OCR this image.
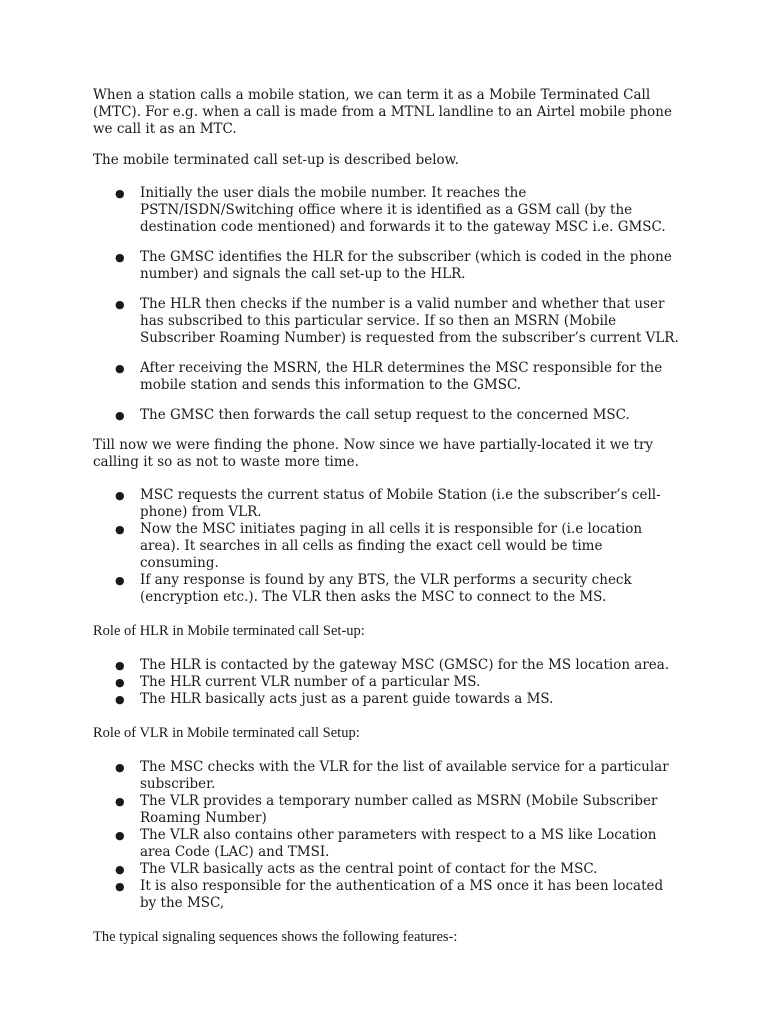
When a station calls a mobile station, we can term it as a Mobile Terminated Call (MTC). For e.g. when a call is made from a MTNL landline to an Airtel mobile phone we call it as an MTC.

The mobile terminated call set-up is described below.

● Initially the user dials the mobile number. It reaches the PSTN/ISDN/Switching office where it is identified as a GSM call (by the destination code mentioned) and forwards it to the gateway MSC i.e. GMSC.
● The GMSC identifies the HLR for the subscriber (which is coded in the phone number) and signals the call set-up to the HLR.
● The HLR then checks if the number is a valid number and whether that user has subscribed to this particular service. If so then an MSRN (Mobile Subscriber Roaming Number) is requested from the subscriber’s current VLR.
● After receiving the MSRN, the HLR determines the MSC responsible for the mobile station and sends this information to the GMSC.
● The GMSC then forwards the call setup request to the concerned MSC.

Till now we were finding the phone. Now since we have partially-located it we try calling it so as not to waste more time.

● MSC requests the current status of Mobile Station (i.e the subscriber’s cell-phone) from VLR.
● Now the MSC initiates paging in all cells it is responsible for (i.e location area). It searches in all cells as finding the exact cell would be time consuming.
● If any response is found by any BTS, the VLR performs a security check (encryption etc.). The VLR then asks the MSC to connect to the MS.

Role of HLR in Mobile terminated call Set-up:

● The HLR is contacted by the gateway MSC (GMSC) for the MS location area.
● The HLR current VLR number of a particular MS.
● The HLR basically acts just as a parent guide towards a MS.

Role of VLR in Mobile terminated call Setup:

● The MSC checks with the VLR for the list of available service for a particular subscriber.
● The VLR provides a temporary number called as MSRN (Mobile Subscriber Roaming Number)
● The VLR also contains other parameters with respect to a MS like Location area Code (LAC) and TMSI.
● The VLR basically acts as the central point of contact for the MSC.
● It is also responsible for the authentication of a MS once it has been located by the MSC,

The typical signaling sequences shows the following features-:
